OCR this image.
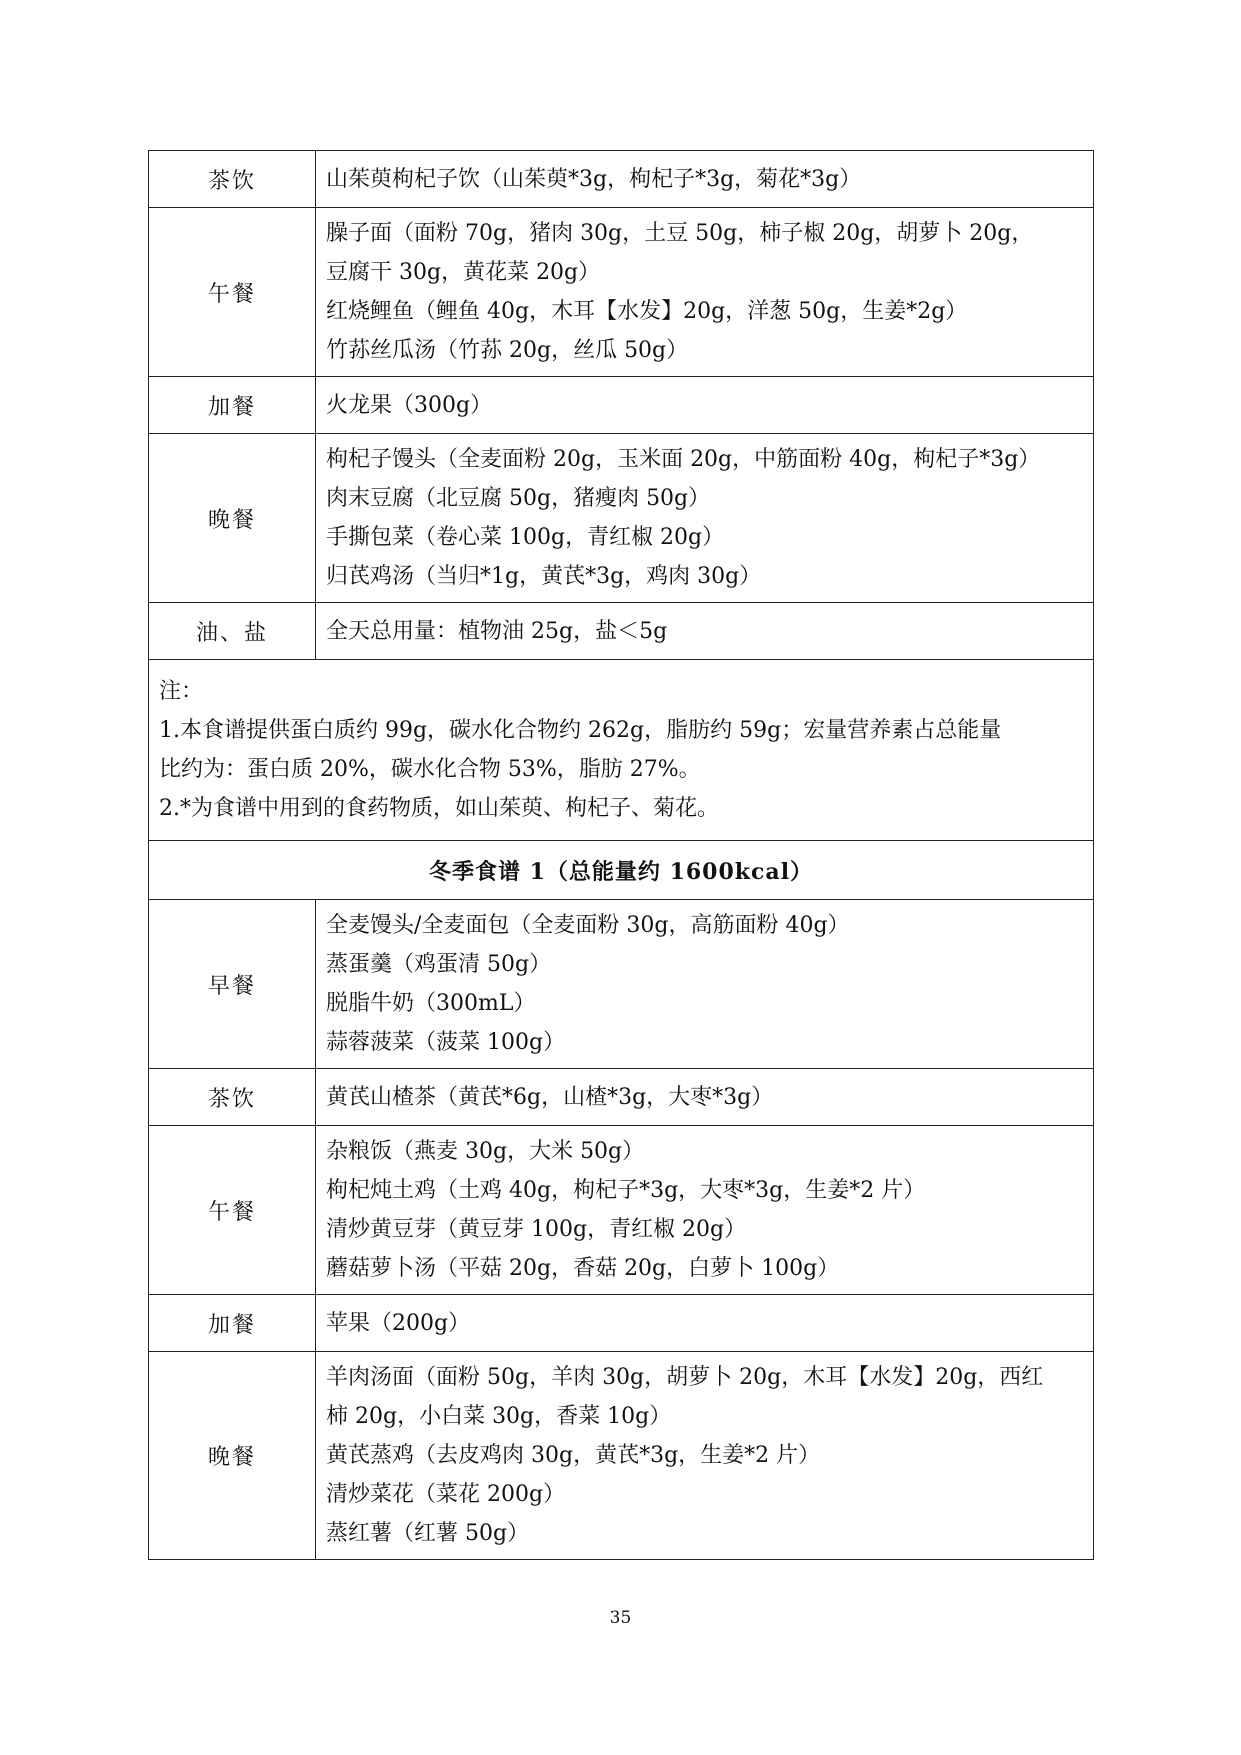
茶饮	山茱萸枸杞子饮（山茱萸*3g，枸杞子*3g，菊花*3g）

午餐	臊子面（面粉 70g，猪肉 30g，土豆 50g，柿子椒 20g，胡萝卜 20g，
豆腐干 30g，黄花菜 20g）
红烧鲤鱼（鲤鱼 40g，木耳【水发】20g，洋葱 50g，生姜*2g）
竹荪丝瓜汤（竹荪 20g，丝瓜 50g）

加餐	火龙果（300g）

晚餐	枸杞子馒头（全麦面粉 20g，玉米面 20g，中筋面粉 40g，枸杞子*3g）
肉末豆腐（北豆腐 50g，猪瘦肉 50g）
手撕包菜（卷心菜 100g，青红椒 20g）
归芪鸡汤（当归*1g，黄芪*3g，鸡肉 30g）

油、盐	全天总用量：植物油 25g，盐＜5g

注：
1.本食谱提供蛋白质约 99g，碳水化合物约 262g，脂肪约 59g；宏量营养素占总能量
比约为：蛋白质 20%，碳水化合物 53%，脂肪 27%。
2.*为食谱中用到的食药物质，如山茱萸、枸杞子、菊花。	

冬季食谱 1（总能量约 1600kcal）	
早餐	全麦馒头/全麦面包（全麦面粉 30g，高筋面粉 40g）
蒸蛋羹（鸡蛋清 50g）
脱脂牛奶（300mL）
蒜蓉菠菜（菠菜 100g）

茶饮	黄芪山楂茶（黄芪*6g，山楂*3g，大枣*3g）

午餐	杂粮饭（燕麦 30g，大米 50g）
枸杞炖土鸡（土鸡 40g，枸杞子*3g，大枣*3g，生姜*2 片）
清炒黄豆芽（黄豆芽 100g，青红椒 20g）
蘑菇萝卜汤（平菇 20g，香菇 20g，白萝卜 100g）

加餐	苹果（200g）

晚餐	羊肉汤面（面粉 50g，羊肉 30g，胡萝卜 20g，木耳【水发】20g，西红
柿 20g，小白菜 30g，香菜 10g）
黄芪蒸鸡（去皮鸡肉 30g，黄芪*3g，生姜*2 片）
清炒菜花（菜花 200g）
蒸红薯（红薯 50g）
35
